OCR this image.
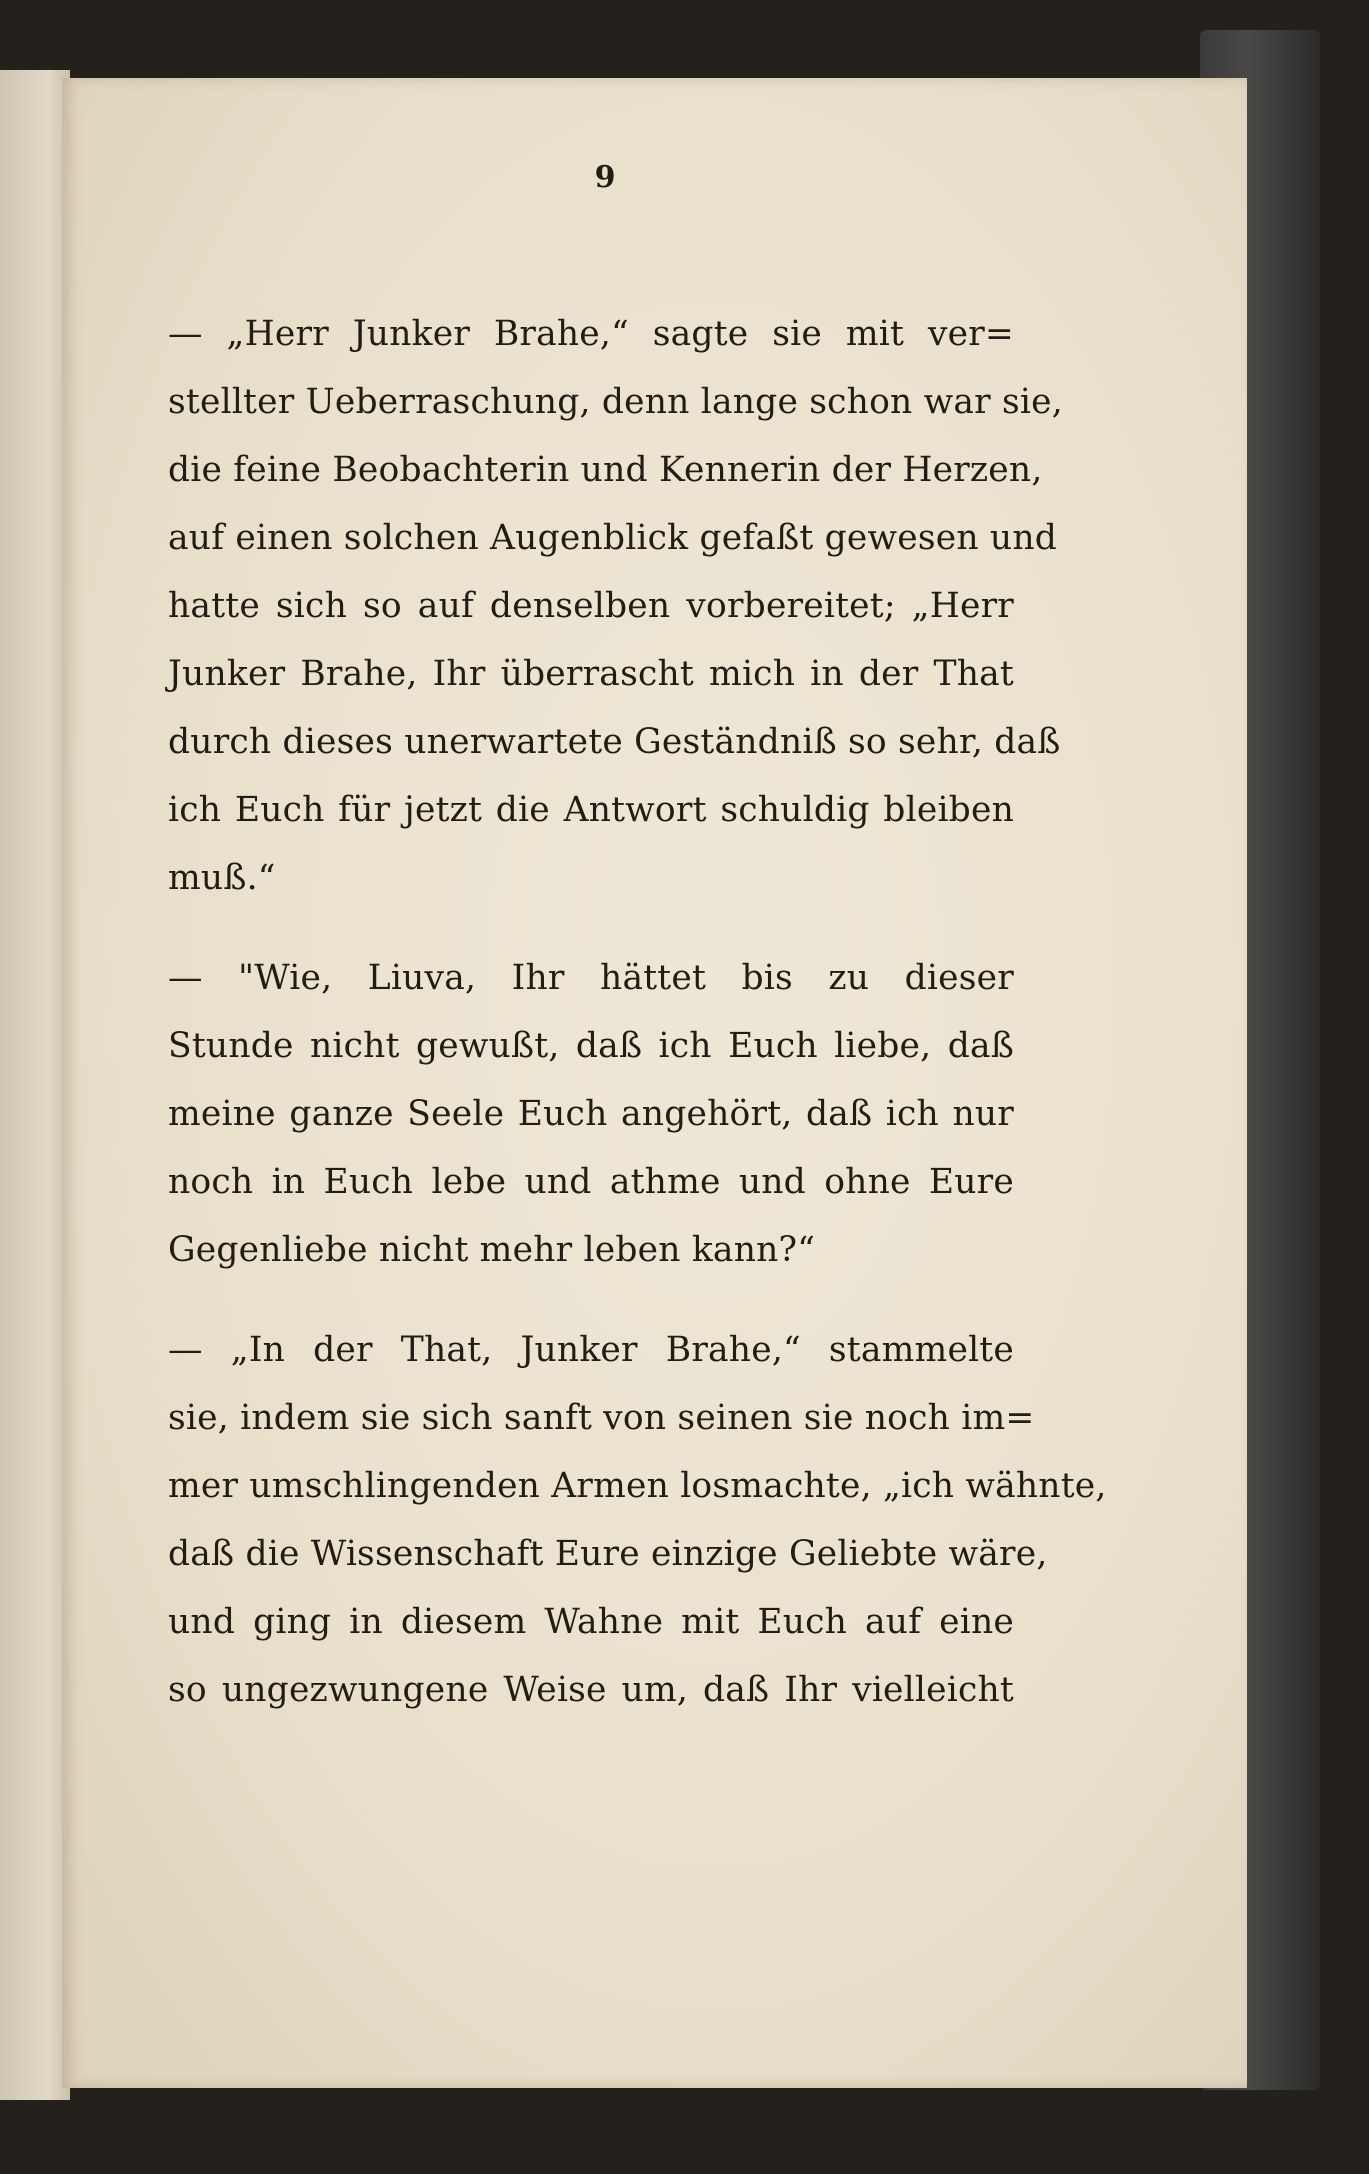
9
— „Herr Junker Brahe,“ sagte sie mit ver=
stellter Ueberraschung, denn lange schon war sie,
die feine Beobachterin und Kennerin der Herzen,
auf einen solchen Augenblick gefaßt gewesen und
hatte sich so auf denselben vorbereitet; „Herr
Junker Brahe, Ihr überrascht mich in der That
durch dieses unerwartete Geständniß so sehr, daß
ich Euch für jetzt die Antwort schuldig bleiben
muß.“
— "Wie, Liuva, Ihr hättet bis zu dieser
Stunde nicht gewußt, daß ich Euch liebe, daß
meine ganze Seele Euch angehört, daß ich nur
noch in Euch lebe und athme und ohne Eure
Gegenliebe nicht mehr leben kann?“
— „In der That, Junker Brahe,“ stammelte
sie, indem sie sich sanft von seinen sie noch im=
mer umschlingenden Armen losmachte, „ich wähnte,
daß die Wissenschaft Eure einzige Geliebte wäre,
und ging in diesem Wahne mit Euch auf eine
so ungezwungene Weise um, daß Ihr vielleicht
